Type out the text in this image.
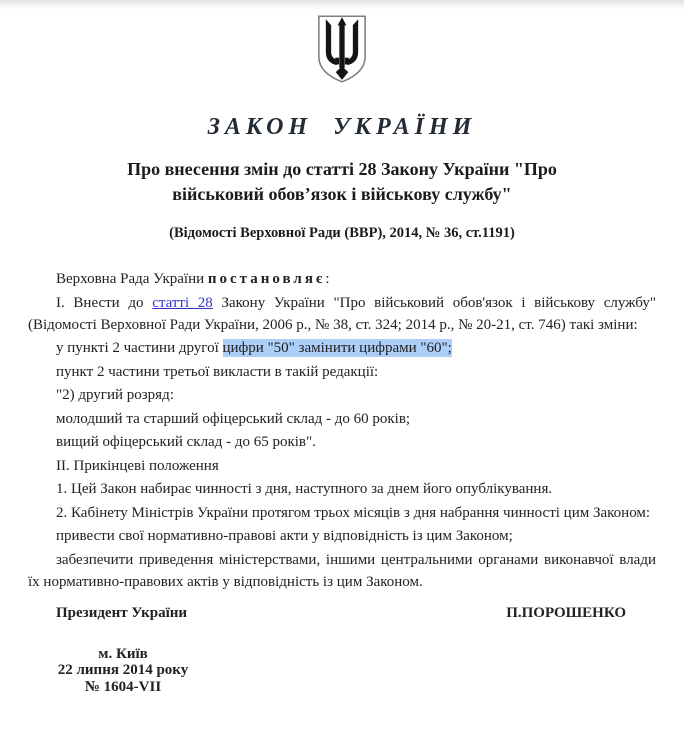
ЗАКОН УКРАЇНИ
Про внесення змін до статті 28 Закону України "Про військовий обов’язок і військову службу"
(Відомості Верховної Ради (ВВР), 2014, № 36, ст.1191)

Верховна Рада України постановляє:

І. Внести до статті 28 Закону України "Про військовий обов'язок і військову службу" (Відомості Верховної Ради України, 2006 р., № 38, ст. 324; 2014 р., № 20-21, ст. 746) такі зміни:

у пункті 2 частини другої цифри "50" замінити цифрами "60";

пункт 2 частини третьої викласти в такій редакції:

"2) другий розряд:

молодший та старший офіцерський склад - до 60 років;

вищий офіцерський склад - до 65 років".

ІІ. Прикінцеві положення

1. Цей Закон набирає чинності з дня, наступного за днем його опублікування.

2. Кабінету Міністрів України протягом трьох місяців з дня набрання чинності цим Законом:

привести свої нормативно-правові акти у відповідність із цим Законом;

забезпечити приведення міністерствами, іншими центральними органами виконавчої влади їх нормативно-правових актів у відповідність із цим Законом.

Президент України	П.ПОРОШЕНКО
м. Київ
22 липня 2014 року
№ 1604-VII
